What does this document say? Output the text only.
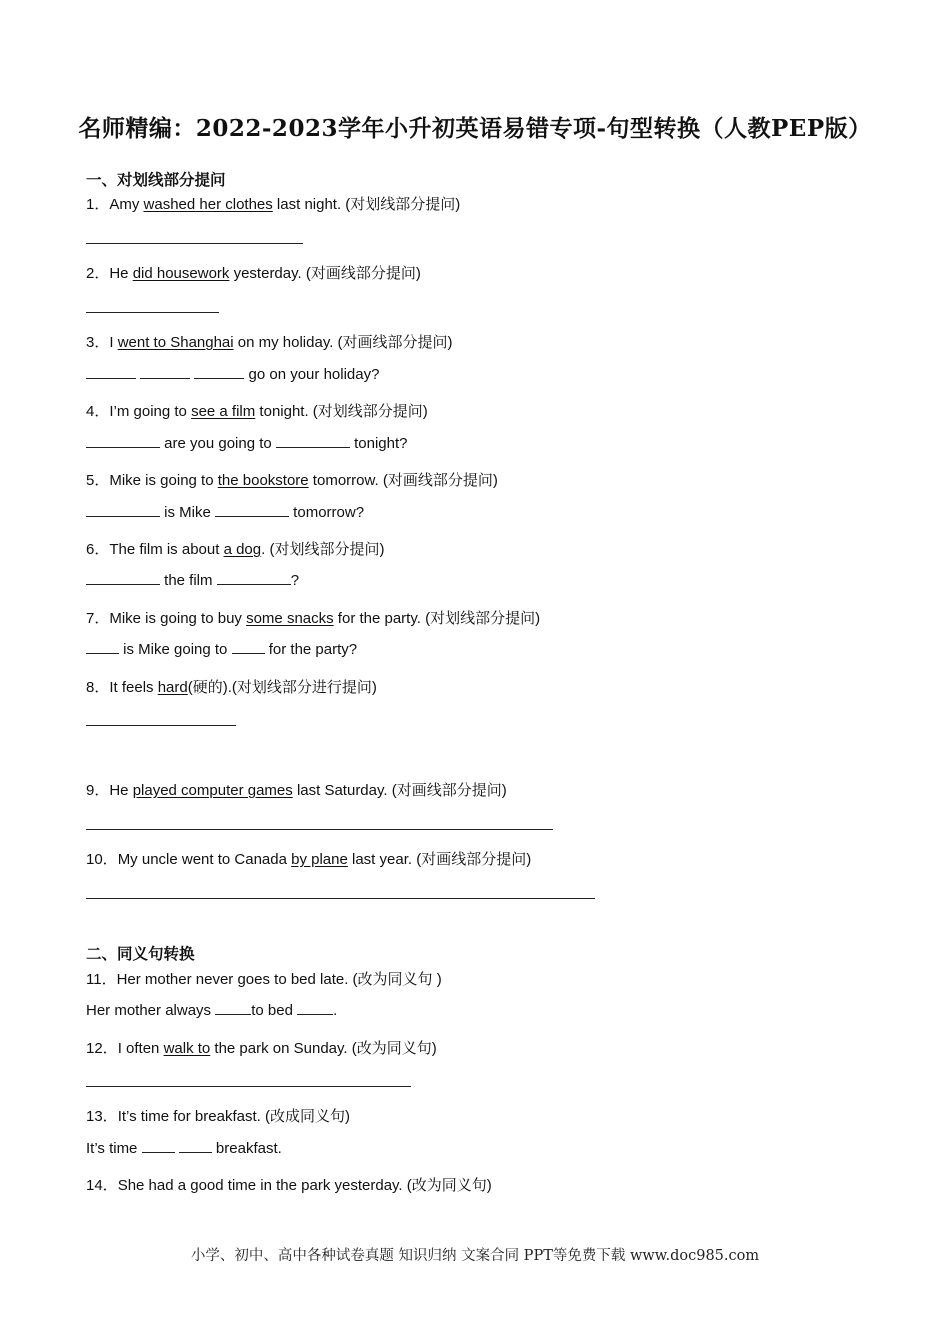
名师精编：2022-2023学年小升初英语易错专项-句型转换（人教PEP版）
一、对划线部分提问
1．Amy washed her clothes last night. (对划线部分提问)
2．He did housework yesterday. (对画线部分提问)
3．I went to Shanghai on my holiday. (对画线部分提问)
go on your holiday?
4．I’m going to see a film tonight. (对划线部分提问)
are you going to	tonight?
5．Mike is going to the bookstore tomorrow. (对画线部分提问)
is Mike	tomorrow?
6．The film is about a dog. (对划线部分提问)
the film	?
7．Mike is going to buy some snacks for the party. (对划线部分提问)
is Mike going to  for the party?
8．It feels hard(硬的).(对划线部分进行提问)
9．He played computer games last Saturday. (对画线部分提问)
10．My uncle went to Canada by plane last year. (对画线部分提问)
二、同义句转换
11．Her mother never goes to bed late. (改为同义句 )
Her mother always to bed .
12．I often walk to the park on Sunday. (改为同义句)
13．It’s time for breakfast. (改成同义句)
It’s time	breakfast.
14．She had a good time in the park yesterday. (改为同义句)
小学、初中、高中各种试卷真题 知识归纳 文案合同 PPT等免费下载 www.doc985.com
